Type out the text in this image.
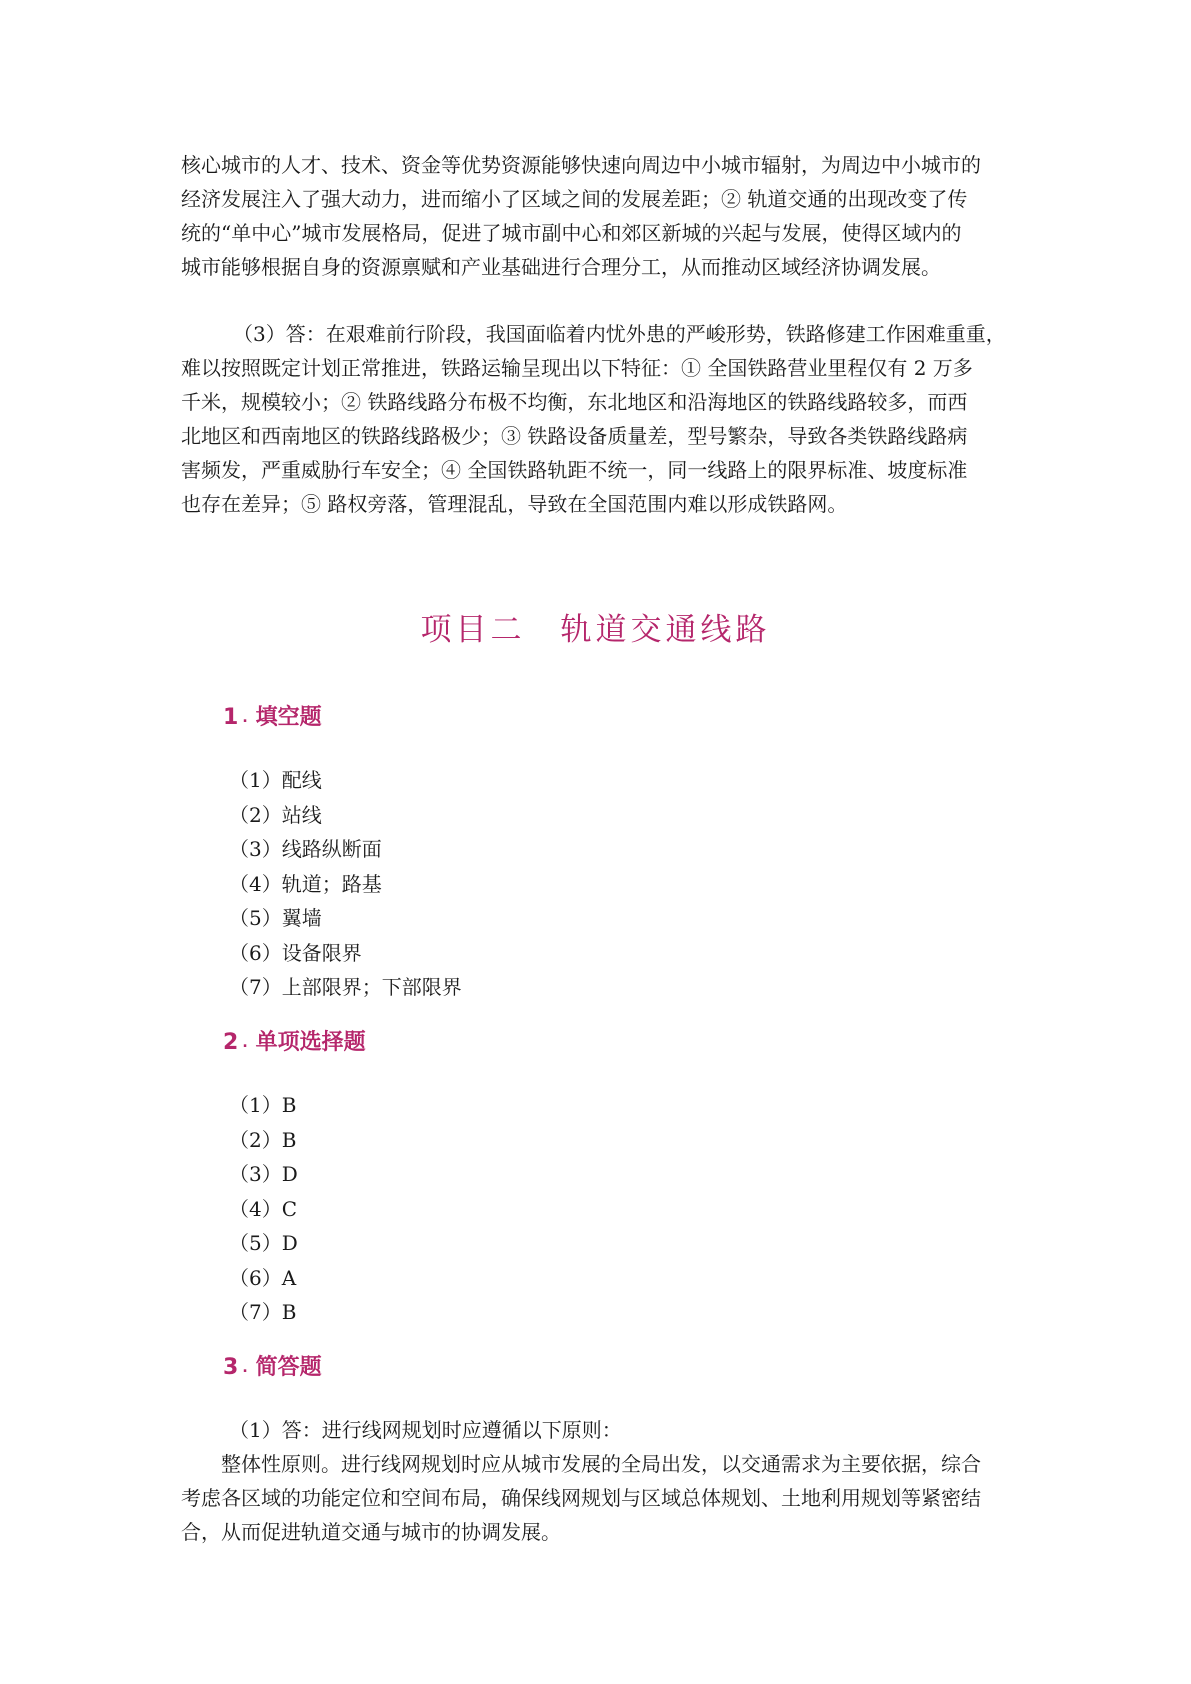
核心城市的人才、技术、资金等优势资源能够快速向周边中小城市辐射，为周边中小城市的
经济发展注入了强大动力，进而缩小了区域之间的发展差距；② 轨道交通的出现改变了传
统的“单中心”城市发展格局，促进了城市副中心和郊区新城的兴起与发展，使得区域内的
城市能够根据自身的资源禀赋和产业基础进行合理分工，从而推动区域经济协调发展。
（3）答：在艰难前行阶段，我国面临着内忧外患的严峻形势，铁路修建工作困难重重，
难以按照既定计划正常推进，铁路运输呈现出以下特征：① 全国铁路营业里程仅有 2 万多
千米，规模较小；② 铁路线路分布极不均衡，东北地区和沿海地区的铁路线路较多，而西
北地区和西南地区的铁路线路极少；③ 铁路设备质量差，型号繁杂，导致各类铁路线路病
害频发，严重威胁行车安全；④ 全国铁路轨距不统一，同一线路上的限界标准、坡度标准
也存在差异；⑤ 路权旁落，管理混乱，导致在全国范围内难以形成铁路网。
项目二　轨道交通线路
1 . 填空题
（1）配线
（2）站线
（3）线路纵断面
（4）轨道；路基
（5）翼墙
（6）设备限界
（7）上部限界；下部限界
2 . 单项选择题
（1）B
（2）B
（3）D
（4）C
（5）D
（6）A
（7）B
3 . 简答题
（1）答：进行线网规划时应遵循以下原则：
整体性原则。进行线网规划时应从城市发展的全局出发，以交通需求为主要依据，综合
考虑各区域的功能定位和空间布局，确保线网规划与区域总体规划、土地利用规划等紧密结
合，从而促进轨道交通与城市的协调发展。
